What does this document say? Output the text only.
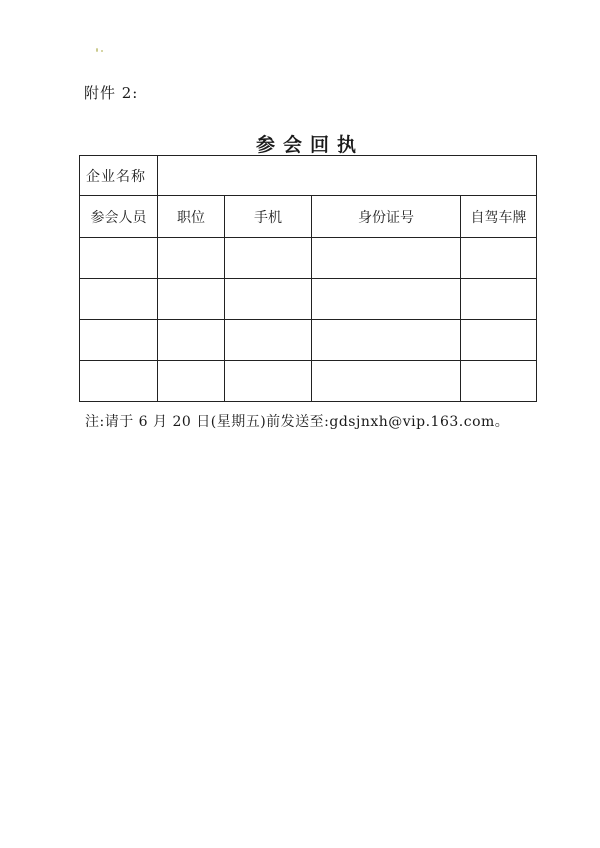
附件 2:
参会回执
企业名称				
参会人员	职位	手机	身份证号	自驾车牌

注:请于 6 月 20 日(星期五)前发送至:gdsjnxh@vip.163.com。
